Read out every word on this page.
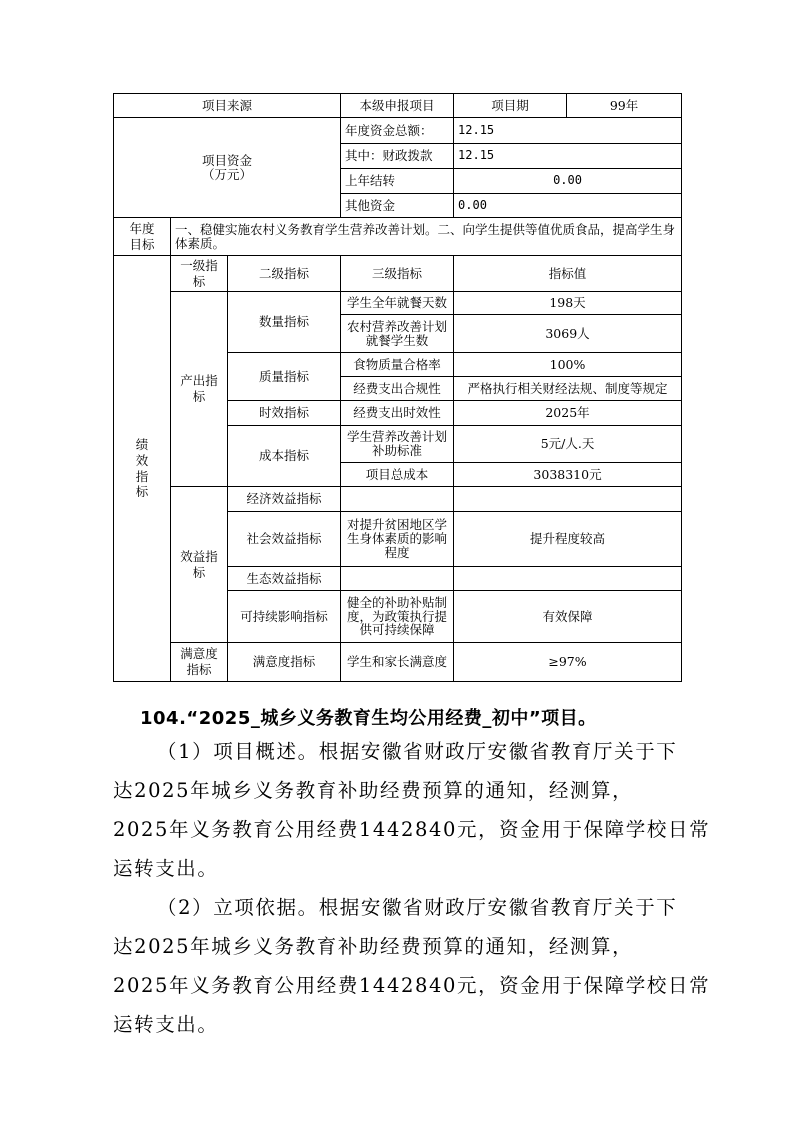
项目来源			本级申报项目	项目期	99年

项目资金
（万元）			年度资金总额：	12.15	
			其中：财政拨款	12.15	
			上年结转	0.00	
			其他资金	0.00	

年度
目标	一、稳健实施农村义务教育学生营养改善计划。二、向学生提供等值优质食品，提高学生身体素质。				
绩效指标	一级指标	二级指标	三级指标	指标值	
	产出指标	数量指标	学生全年就餐天数	198天	
			农村营养改善计划就餐学生数	3069人	
		质量指标	食物质量合格率	100%	
			经费支出合规性	严格执行相关财经法规、制度等规定	
		时效指标	经费支出时效性	2025年	
		成本指标	学生营养改善计划补助标准	5元/人.天	
			项目总成本	3038310元	
	效益指标	经济效益指标			
		社会效益指标	对提升贫困地区学生身体素质的影响程度	提升程度较高	
		生态效益指标			
		可持续影响指标	健全的补助补贴制度，为政策执行提供可持续保障	有效保障	
	满意度指标	满意度指标	学生和家长满意度	≥97%	
104.“2025_城乡义务教育生均公用经费_初中”项目。

（1）项目概述。根据安徽省财政厅安徽省教育厅关于下

达2025年城乡义务教育补助经费预算的通知，经测算，

2025年义务教育公用经费1442840元，资金用于保障学校日常

运转支出。

（2）立项依据。根据安徽省财政厅安徽省教育厅关于下

达2025年城乡义务教育补助经费预算的通知，经测算，

2025年义务教育公用经费1442840元，资金用于保障学校日常

运转支出。
